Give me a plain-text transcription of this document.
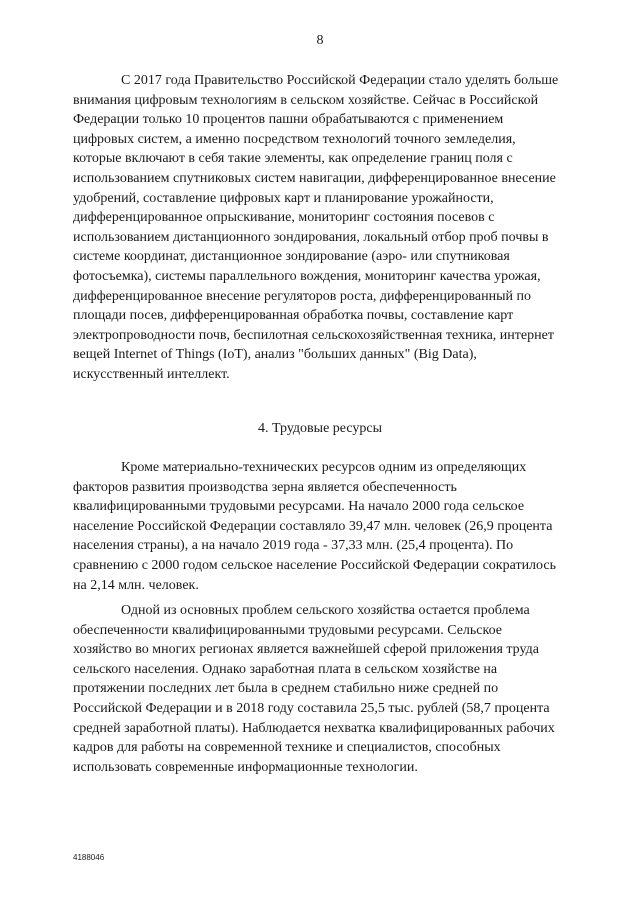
8

С 2017 года Правительство Российской Федерации стало уделять больше внимания цифровым технологиям в сельском хозяйстве. Сейчас в Российской Федерации только 10 процентов пашни обрабатываются с применением цифровых систем, а именно посредством технологий точного земледелия, которые включают в себя такие элементы, как определение границ поля с использованием спутниковых систем навигации, дифференцированное внесение удобрений, составление цифровых карт и планирование урожайности, дифференцированное опрыскивание, мониторинг состояния посевов с использованием дистанционного зондирования, локальный отбор проб почвы в системе координат, дистанционное зондирование (аэро- или спутниковая фотосъемка), системы параллельного вождения, мониторинг качества урожая, дифференцированное внесение регуляторов роста, дифференцированный по площади посев, дифференцированная обработка почвы, составление карт электропроводности почв, беспилотная сельскохозяйственная техника, интернет вещей Internet of Things (IoT), анализ "больших данных" (Big Data), искусственный интеллект.

4. Трудовые ресурсы

Кроме материально-технических ресурсов одним из определяющих факторов развития производства зерна является обеспеченность квалифицированными трудовыми ресурсами. На начало 2000 года сельское население Российской Федерации составляло 39,47 млн. человек (26,9 процента населения страны), а на начало 2019 года - 37,33 млн. (25,4 процента). По сравнению с 2000 годом сельское население Российской Федерации сократилось на 2,14 млн. человек.

Одной из основных проблем сельского хозяйства остается проблема обеспеченности квалифицированными трудовыми ресурсами. Сельское хозяйство во многих регионах является важнейшей сферой приложения труда сельского населения. Однако заработная плата в сельском хозяйстве на протяжении последних лет была в среднем стабильно ниже средней по Российской Федерации и в 2018 году составила 25,5 тыс. рублей (58,7 процента средней заработной платы). Наблюдается нехватка квалифицированных рабочих кадров для работы на современной технике и специалистов, способных использовать современные информационные технологии.

4188046
